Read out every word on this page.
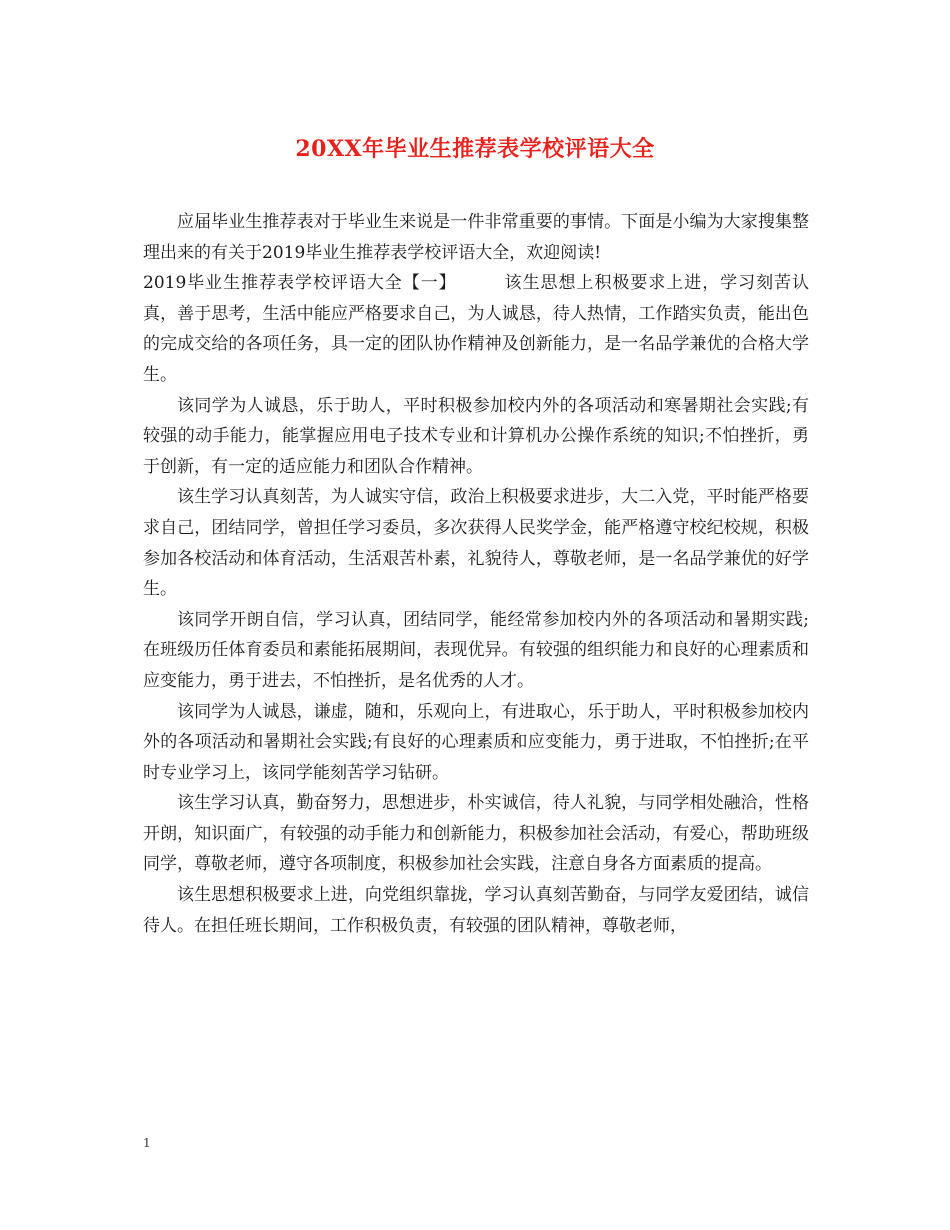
20XX年毕业生推荐表学校评语大全

应届毕业生推荐表对于毕业生来说是一件非常重要的事情。下面是小编为大家搜集整理出来的有关于2019毕业生推荐表学校评语大全，欢迎阅读!

2019毕业生推荐表学校评语大全【一】	该生思想上积极要求上进，学习刻苦认真，善于思考，生活中能应严格要求自己，为人诚恳，待人热情，工作踏实负责，能出色的完成交给的各项任务，具一定的团队协作精神及创新能力，是一名品学兼优的合格大学生。

该同学为人诚恳，乐于助人，平时积极参加校内外的各项活动和寒暑期社会实践;有较强的动手能力，能掌握应用电子技术专业和计算机办公操作系统的知识;不怕挫折，勇于创新，有一定的适应能力和团队合作精神。

该生学习认真刻苦，为人诚实守信，政治上积极要求进步，大二入党，平时能严格要求自己，团结同学，曾担任学习委员，多次获得人民奖学金，能严格遵守校纪校规，积极参加各校活动和体育活动，生活艰苦朴素，礼貌待人，尊敬老师，是一名品学兼优的好学生。

该同学开朗自信，学习认真，团结同学，能经常参加校内外的各项活动和暑期实践;在班级历任体育委员和素能拓展期间，表现优异。有较强的组织能力和良好的心理素质和应变能力，勇于进去，不怕挫折，是名优秀的人才。

该同学为人诚恳，谦虚，随和，乐观向上，有进取心，乐于助人，平时积极参加校内外的各项活动和暑期社会实践;有良好的心理素质和应变能力，勇于进取，不怕挫折;在平时专业学习上，该同学能刻苦学习钻研。

该生学习认真，勤奋努力，思想进步，朴实诚信，待人礼貌，与同学相处融洽，性格开朗，知识面广，有较强的动手能力和创新能力，积极参加社会活动，有爱心，帮助班级同学，尊敬老师，遵守各项制度，积极参加社会实践，注意自身各方面素质的提高。

该生思想积极要求上进，向党组织靠拢，学习认真刻苦勤奋，与同学友爱团结，诚信待人。在担任班长期间，工作积极负责，有较强的团队精神，尊敬老师，

1
